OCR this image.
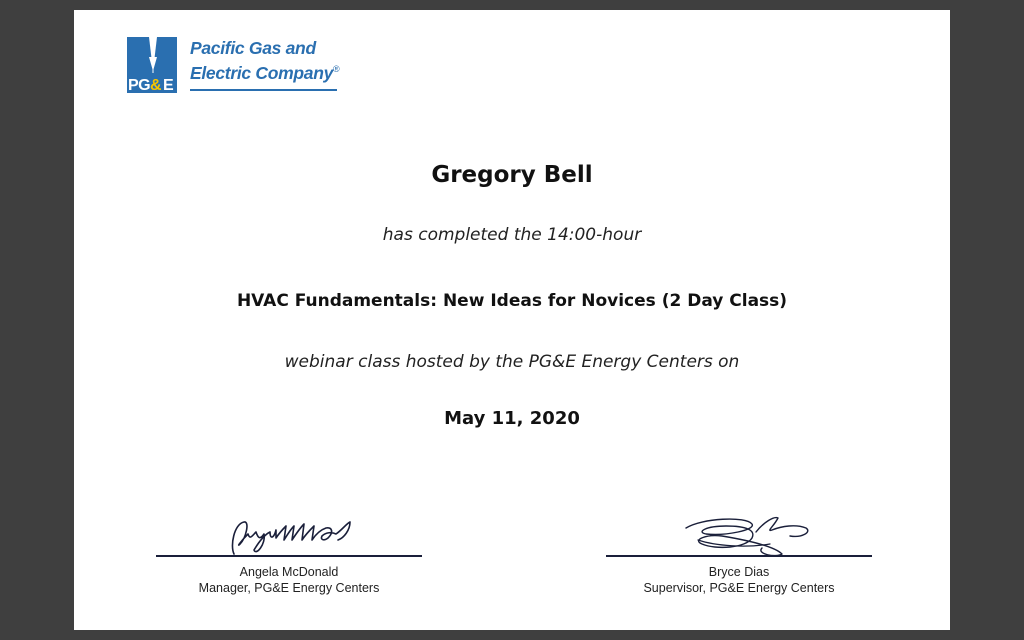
PG & E
Pacific Gas and
Electric Company®
Gregory Bell
has completed the 14:00-hour
HVAC Fundamentals: New Ideas for Novices (2 Day Class)
webinar class hosted by the PG&E Energy Centers on
May 11, 2020
Angela McDonald
Manager, PG&E Energy Centers
Bryce Dias
Supervisor, PG&E Energy Centers
